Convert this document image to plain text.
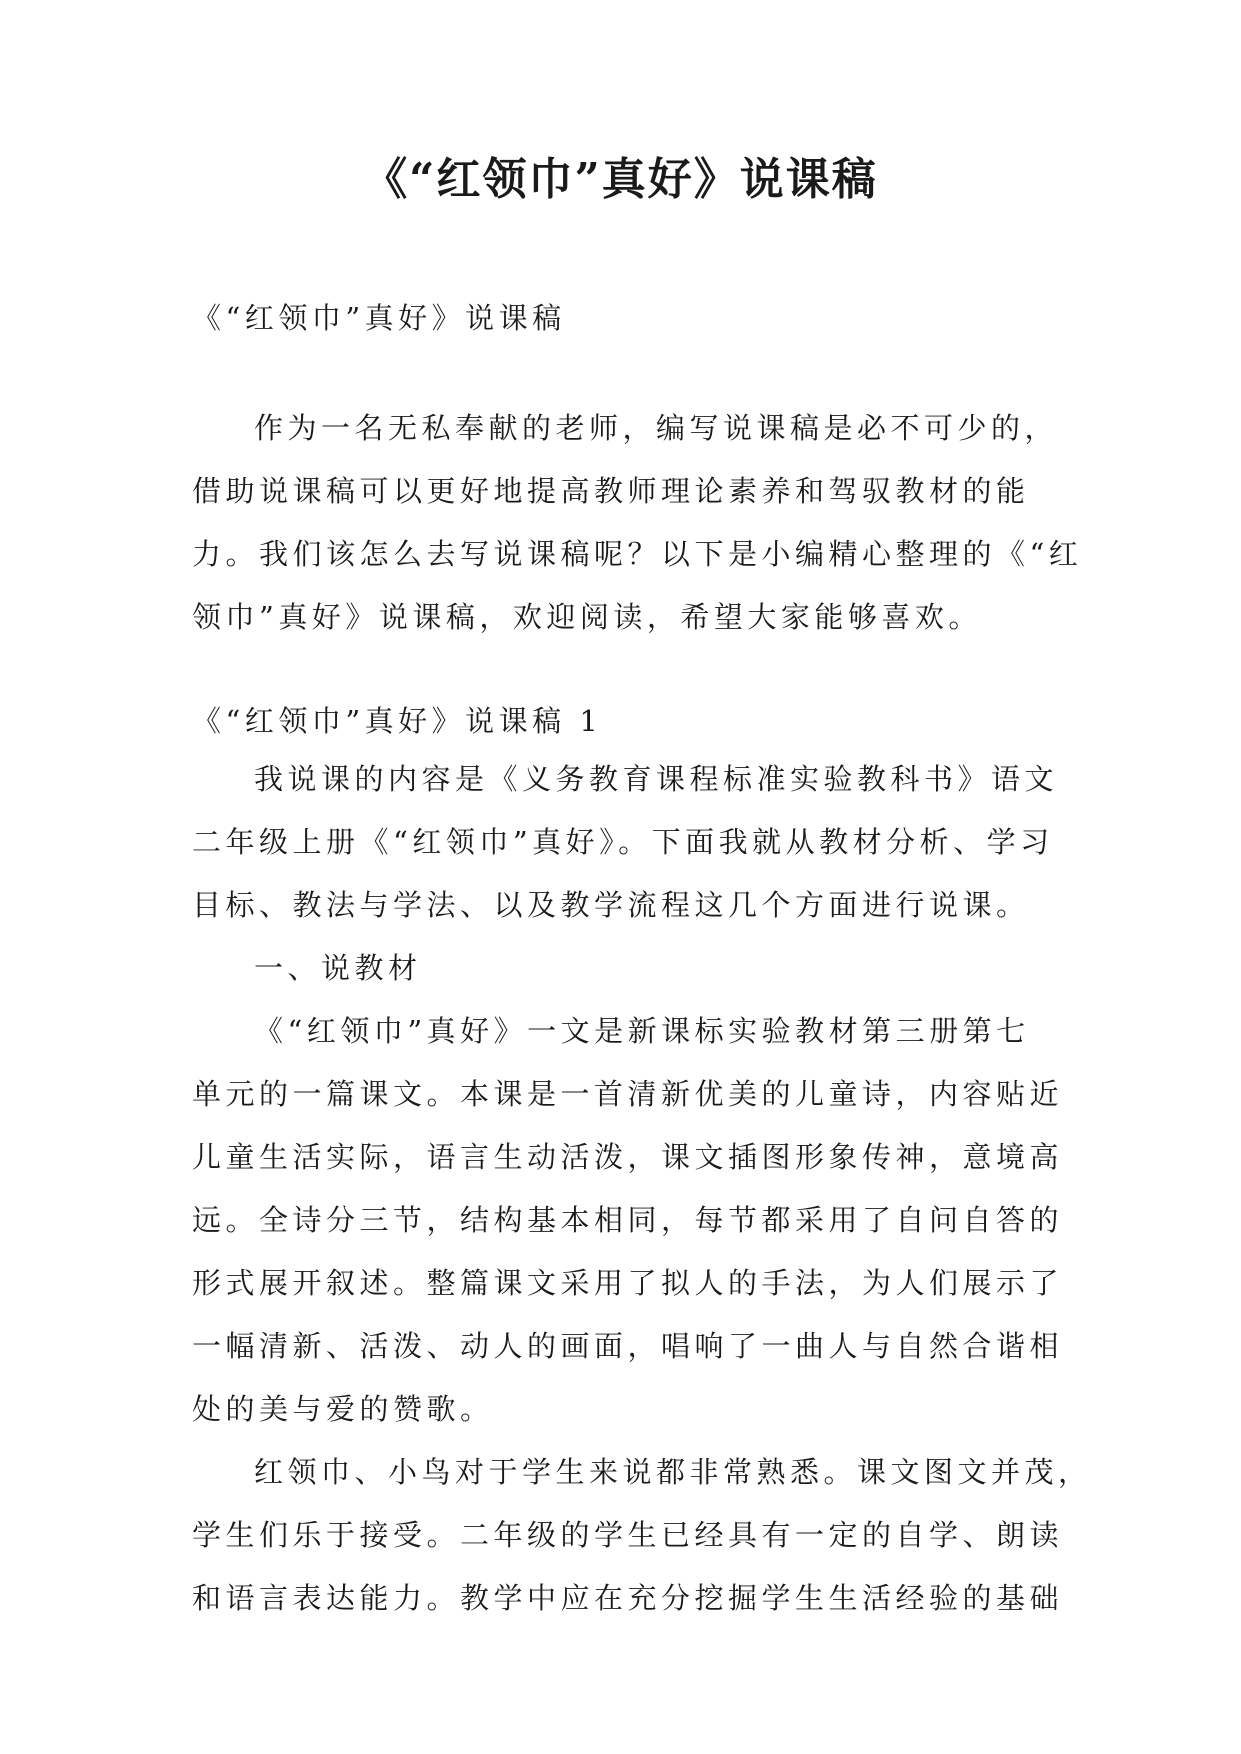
《“红领巾”真好》说课稿

《“红领巾”真好》说课稿

作为一名无私奉献的老师，编写说课稿是必不可少的，

借助说课稿可以更好地提高教师理论素养和驾驭教材的能

力。我们该怎么去写说课稿呢？以下是小编精心整理的《“红

领巾”真好》说课稿，欢迎阅读，希望大家能够喜欢。

《“红领巾”真好》说课稿 1

我说课的内容是《义务教育课程标准实验教科书》语文

二年级上册《“红领巾”真好》。下面我就从教材分析、学习

目标、教法与学法、以及教学流程这几个方面进行说课。

一、说教材

《“红领巾”真好》一文是新课标实验教材第三册第七

单元的一篇课文。本课是一首清新优美的儿童诗，内容贴近

儿童生活实际，语言生动活泼，课文插图形象传神，意境高

远。全诗分三节，结构基本相同，每节都采用了自问自答的

形式展开叙述。整篇课文采用了拟人的手法，为人们展示了

一幅清新、活泼、动人的画面，唱响了一曲人与自然合谐相

处的美与爱的赞歌。

红领巾、小鸟对于学生来说都非常熟悉。课文图文并茂，

学生们乐于接受。二年级的学生已经具有一定的自学、朗读

和语言表达能力。教学中应在充分挖掘学生生活经验的基础
